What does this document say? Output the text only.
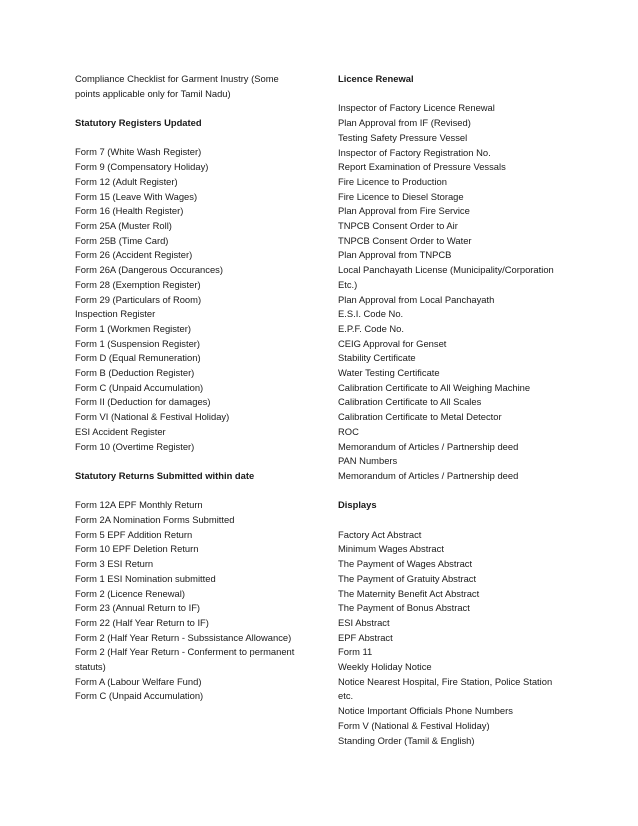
Compliance Checklist for Garment Inustry (Some
points applicable only for Tamil Nadu)
Statutory Registers Updated
Form 7 (White Wash Register)
Form 9 (Compensatory Holiday)
Form 12 (Adult Register)
Form 15 (Leave With Wages)
Form 16 (Health Register)
Form 25A (Muster Roll)
Form 25B (Time Card)
Form 26 (Accident Register)
Form 26A (Dangerous Occurances)
Form 28 (Exemption Register)
Form 29 (Particulars of Room)
Inspection Register
Form 1 (Workmen Register)
Form 1 (Suspension Register)
Form D (Equal Remuneration)
Form B (Deduction Register)
Form C (Unpaid Accumulation)
Form II (Deduction for damages)
Form VI (National & Festival Holiday)
ESI Accident Register
Form 10 (Overtime Register)
Statutory Returns Submitted within date
Form 12A EPF Monthly Return
Form 2A Nomination Forms Submitted
Form 5 EPF Addition Return
Form 10 EPF Deletion Return
Form 3 ESI Return
Form 1 ESI Nomination submitted
Form 2 (Licence Renewal)
Form 23 (Annual Return to IF)
Form 22 (Half Year Return to IF)
Form 2 (Half Year Return - Subssistance Allowance)
Form 2 (Half Year Return - Conferment to permanent
statuts)
Form A (Labour Welfare Fund)
Form C (Unpaid Accumulation)
Licence Renewal
Inspector of Factory Licence Renewal
Plan Approval from IF (Revised)
Testing Safety Pressure Vessel
Inspector of Factory Registration No.
Report Examination of Pressure Vessals
Fire Licence to Production
Fire Licence to Diesel Storage
Plan Approval from Fire Service
TNPCB Consent Order to Air
TNPCB Consent Order to Water
Plan Approval from TNPCB
Local Panchayath License (Municipality/Corporation
Etc.)
Plan Approval from Local Panchayath
E.S.I. Code No.
E.P.F. Code No.
CEIG Approval for Genset
Stability Certificate
Water Testing Certificate
Calibration Certificate to All Weighing Machine
Calibration Certificate to All Scales
Calibration Certificate to Metal Detector
ROC
Memorandum of Articles / Partnership deed
PAN Numbers
Memorandum of Articles / Partnership deed
Displays
Factory Act Abstract
Minimum Wages Abstract
The Payment of Wages Abstract
The Payment of Gratuity Abstract
The Maternity Benefit Act Abstract
The Payment of Bonus Abstract
ESI Abstract
EPF Abstract
Form 11
Weekly Holiday Notice
Notice Nearest Hospital, Fire Station, Police Station
etc.
Notice Important Officials Phone Numbers
Form V (National & Festival Holiday)
Standing Order (Tamil & English)
